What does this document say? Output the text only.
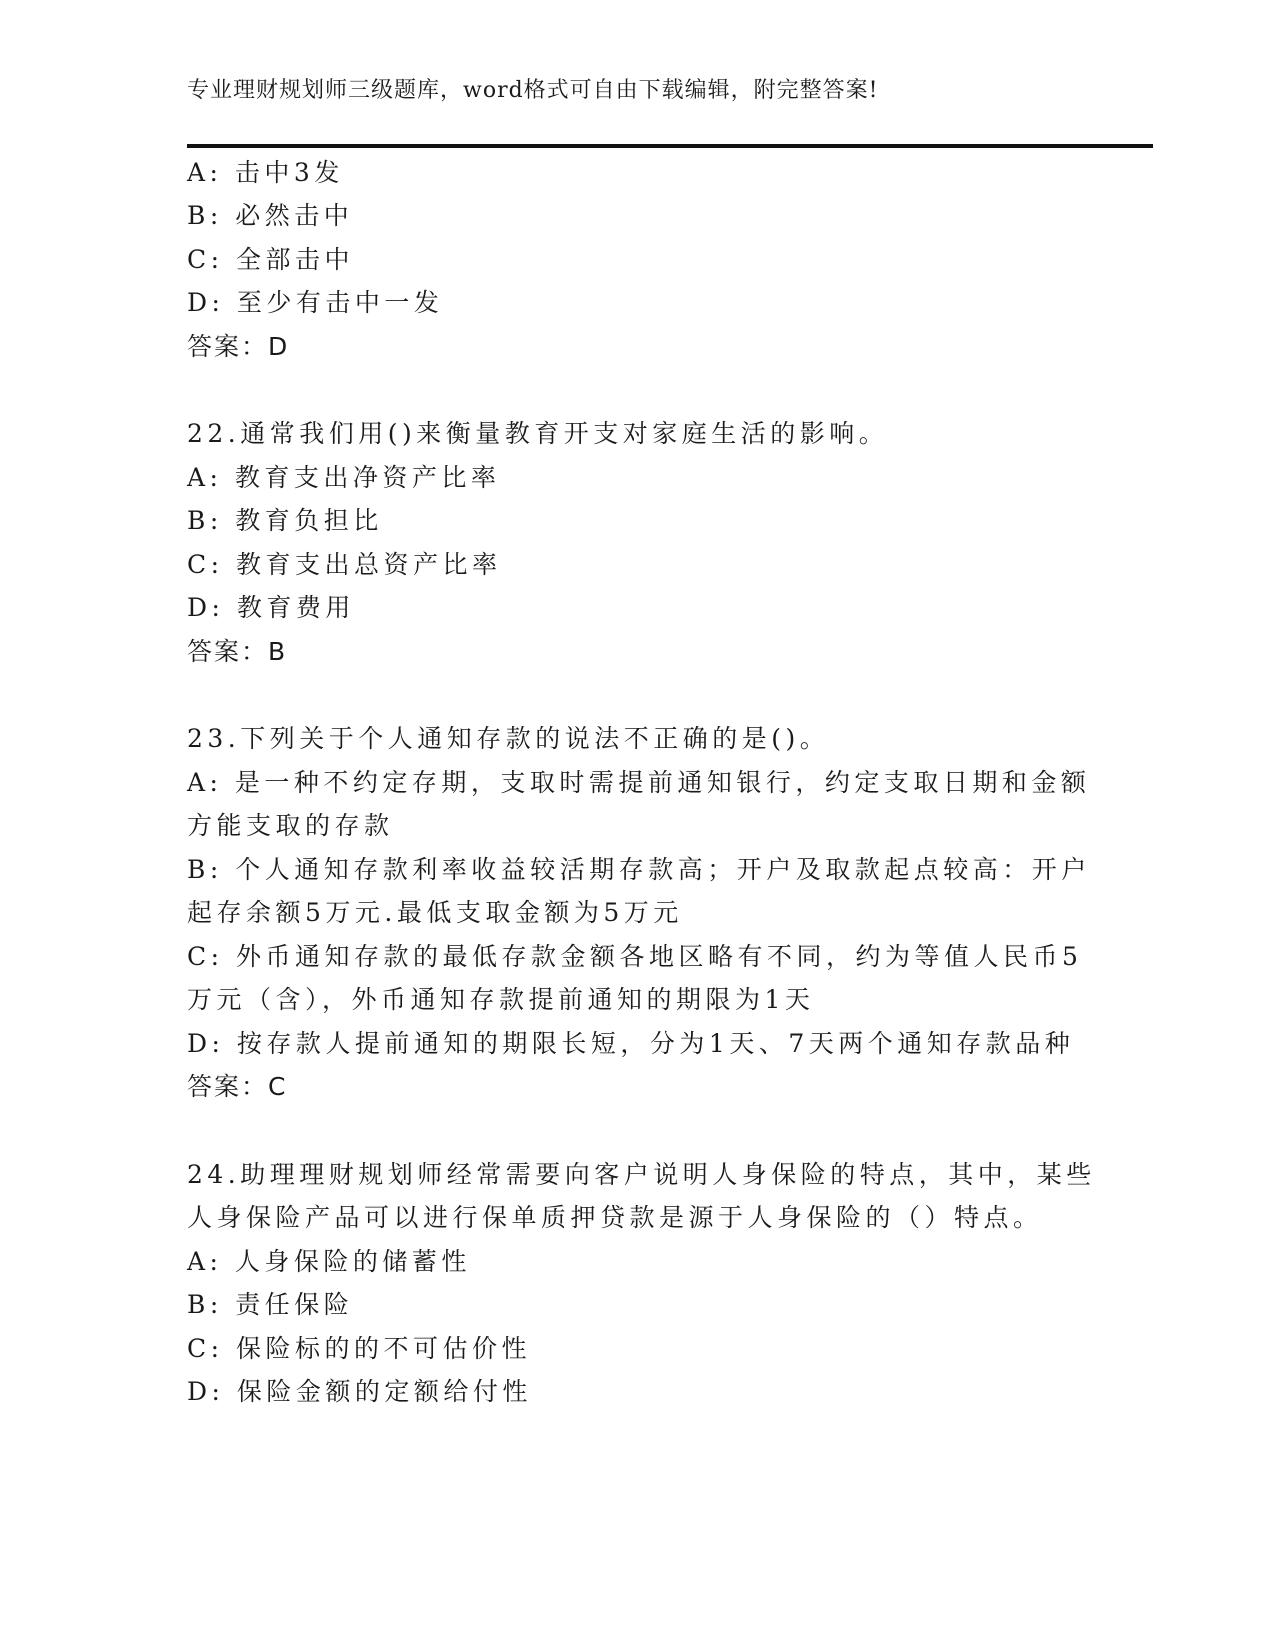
专业理财规划师三级题库，word格式可自由下载编辑，附完整答案!
A: 击中3发
B: 必然击中
C: 全部击中
D: 至少有击中一发
答案：D
22.通常我们用()来衡量教育开支对家庭生活的影响。
A: 教育支出净资产比率
B: 教育负担比
C: 教育支出总资产比率
D: 教育费用
答案：B
23.下列关于个人通知存款的说法不正确的是()。
A: 是一种不约定存期，支取时需提前通知银行，约定支取日期和金额
方能支取的存款
B: 个人通知存款利率收益较活期存款高；开户及取款起点较高：开户
起存余额5万元.最低支取金额为5万元
C: 外币通知存款的最低存款金额各地区略有不同，约为等值人民币5
万元（含），外币通知存款提前通知的期限为1天
D: 按存款人提前通知的期限长短，分为1天、7天两个通知存款品种
答案：C
24.助理理财规划师经常需要向客户说明人身保险的特点，其中，某些
人身保险产品可以进行保单质押贷款是源于人身保险的（）特点。
A: 人身保险的储蓄性
B: 责任保险
C: 保险标的的不可估价性
D: 保险金额的定额给付性
